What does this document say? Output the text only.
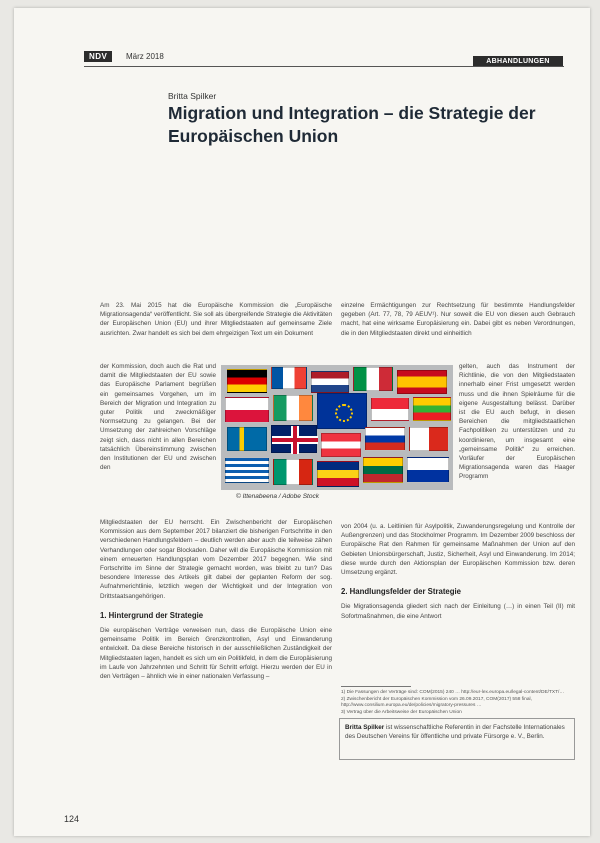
NDV	März 2018
ABHANDLUNGEN
Britta Spilker
Migration und Integration – die Strategie der Europäischen Union

Am 23. Mai 2015 hat die Europäische Kommission die „Europäische Migrationsagenda“ veröffentlicht. Sie soll als übergreifende Strategie die Aktivitäten der Europäischen Union (EU) und ihrer Mitgliedstaaten auf gemeinsame Ziele ausrichten. Zwar handelt es sich bei dem ehrgeizigen Text um ein Dokument

der Kommission, doch auch die Rat und damit die Mitgliedstaaten der EU sowie das Europäische Parlament begrüßen ein gemeinsames Vorgehen, um im Bereich der Migration und Integration zu guter Politik und zweckmäßiger Normsetzung zu gelangen. Bei der Umsetzung der zahlreichen Vorschläge zeigt sich, dass nicht in allen Bereichen tatsächlich Übereinstimmung zwischen den Institutionen der EU und zwischen den

Mitgliedstaaten der EU herrscht. Ein Zwischenbericht der Europäischen Kommission aus dem September 2017 bilanziert die bisherigen Fortschritte in den verschiedenen Handlungsfeldern – deutlich werden aber auch die teilweise zähen Verhandlungen oder sogar Blockaden. Daher will die Europäische Kommission mit einem erneuerten Handlungsplan vom Dezember 2017 begegnen. Wie sind Fortschritte im Sinne der Strategie gemacht worden, was bleibt zu tun? Das besondere Interesse des Artikels gilt dabei der geplanten Reform der sog. Aufnahmerichtlinie, letztlich wegen der Wichtigkeit und der Integration von Drittstaatsangehörigen.

1. Hintergrund der Strategie

Die europäischen Verträge verweisen nun, dass die Europäische Union eine gemeinsame Politik im Bereich Grenzkontrollen, Asyl und Einwanderung entwickelt. Da diese Bereiche historisch in der ausschließlichen Zuständigkeit der Mitgliedstaaten lagen, handelt es sich um ein Politikfeld, in dem die Europäisierung im Laufe von Jahrzehnten und Schritt für Schritt erfolgt. Hierzu werden der EU in den Verträgen – ähnlich wie in einer nationalen Verfassung –

einzelne Ermächtigungen zur Rechtsetzung für bestimmte Handlungsfelder gegeben (Art. 77, 78, 79 AEUV¹). Nur soweit die EU von diesen auch Gebrauch macht, hat eine wirksame Europäisierung ein. Dabei gibt es neben Verordnungen, die in den Mitgliedstaaten direkt und einheitlich

gelten, auch das Instrument der Richtlinie, die von den Mitgliedstaaten innerhalb einer Frist umgesetzt werden muss und die ihnen Spielräume für die eigene Ausgestaltung belässt. Darüber ist die EU auch befugt, in diesen Bereichen die mitgliedstaatlichen Fachpolitiken zu unterstützen und zu koordinieren, um insgesamt eine „gemeinsame Politik“ zu erreichen. Vorläufer der Europäischen Migrationsagenda waren das Haager Programm

von 2004 (u. a. Leitlinien für Asylpolitik, Zuwanderungsregelung und Kontrolle der Außengrenzen) und das Stockholmer Programm. Im Dezember 2009 beschloss der Europäische Rat den Rahmen für gemeinsame Maßnahmen der Union auf den Gebieten Unionsbürgerschaft, Justiz, Sicherheit, Asyl und Einwanderung. Im 2014; diese wurde durch den Aktionsplan der Europäischen Kommission bzw. deren Umsetzung ergänzt.

2. Handlungsfelder der Strategie

Die Migrationsagenda gliedert sich nach der Einleitung (…) in einen Teil (II) mit Sofortmaßnahmen, die eine Antwort

© Ittenabeena / Adobe Stock
1) Die Fassungen der Verträge sind: COM(2015) 240 … http://eur-lex.europa.eu/legal-content/DE/TXT/…
2) Zwischenbericht der Europäischen Kommission vom 26.09.2017, COM(2017) 558 final, http://www.consilium.europa.eu/de/policies/migratory-pressures …
3) Vertrag über die Arbeitsweise der Europäischen Union
Britta Spilker ist wissenschaftliche Referentin in der Fachstelle Internationales des Deutschen Vereins für öffentliche und private Fürsorge e. V., Berlin.
124
